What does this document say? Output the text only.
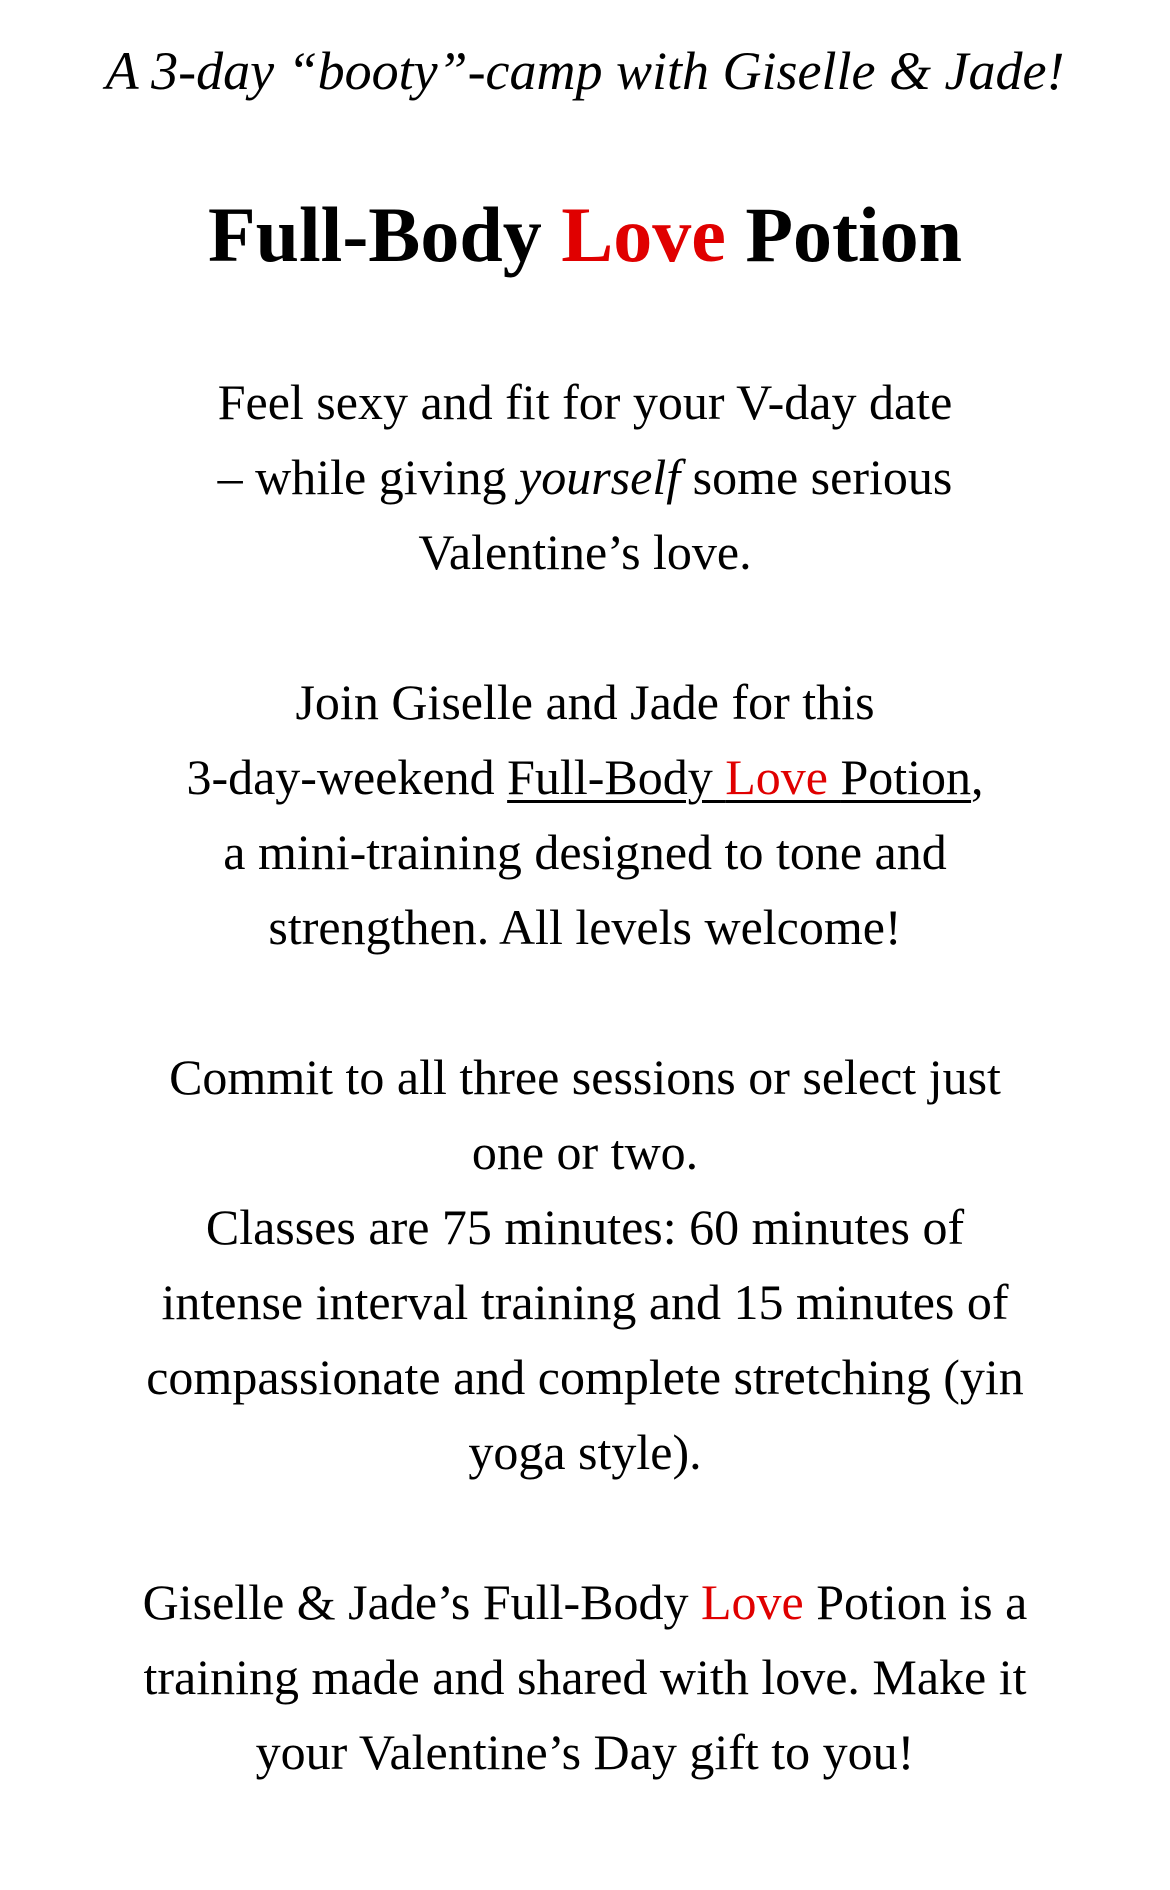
A 3-day “booty”-camp with Giselle & Jade!
Full-Body Love Potion
Feel sexy and fit for your V-day date
– while giving yourself some serious
Valentine’s love.
Join Giselle and Jade for this
3-day-weekend Full-Body Love Potion,
a mini-training designed to tone and
strengthen. All levels welcome!
Commit to all three sessions or select just
one or two.
Classes are 75 minutes: 60 minutes of
intense interval training and 15 minutes of
compassionate and complete stretching (yin
yoga style).
Giselle & Jade’s Full-Body Love Potion is a
training made and shared with love. Make it
your Valentine’s Day gift to you!
